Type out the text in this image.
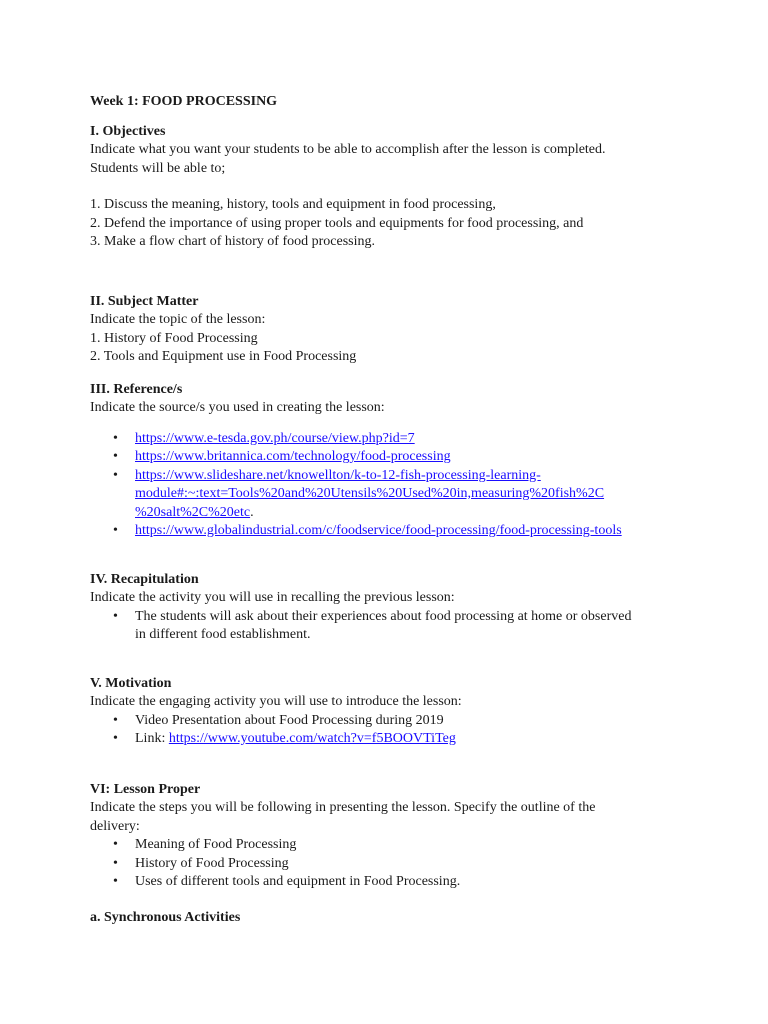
Week 1: FOOD PROCESSING

I. Objectives

Indicate what you want your students to be able to accomplish after the lesson is completed.

Students will be able to;

1. Discuss the meaning, history, tools and equipment in food processing,

2. Defend the importance of using proper tools and equipments for food processing, and

3. Make a flow chart of history of food processing.

II. Subject Matter

Indicate the topic of the lesson:

1. History of Food Processing

2. Tools and Equipment use in Food Processing

III. Reference/s

Indicate the source/s you used in creating the lesson:

• https://www.e-tesda.gov.ph/course/view.php?id=7
• https://www.britannica.com/technology/food-processing
• https://www.slideshare.net/knowellton/k-to-12-fish-processing-learning-
module#:~:text=Tools%20and%20Utensils%20Used%20in,measuring%20fish%2C
%20salt%2C%20etc.
• https://www.globalindustrial.com/c/foodservice/food-processing/food-processing-tools

IV. Recapitulation

Indicate the activity you will use in recalling the previous lesson:

• The students will ask about their experiences about food processing at home or observed
in different food establishment.

V. Motivation

Indicate the engaging activity you will use to introduce the lesson:

• Video Presentation about Food Processing during 2019
• Link: https://www.youtube.com/watch?v=f5BOOVTiTeg

VI: Lesson Proper

Indicate the steps you will be following in presenting the lesson. Specify the outline of the

delivery:

• Meaning of Food Processing
• History of Food Processing
• Uses of different tools and equipment in Food Processing.

a. Synchronous Activities
